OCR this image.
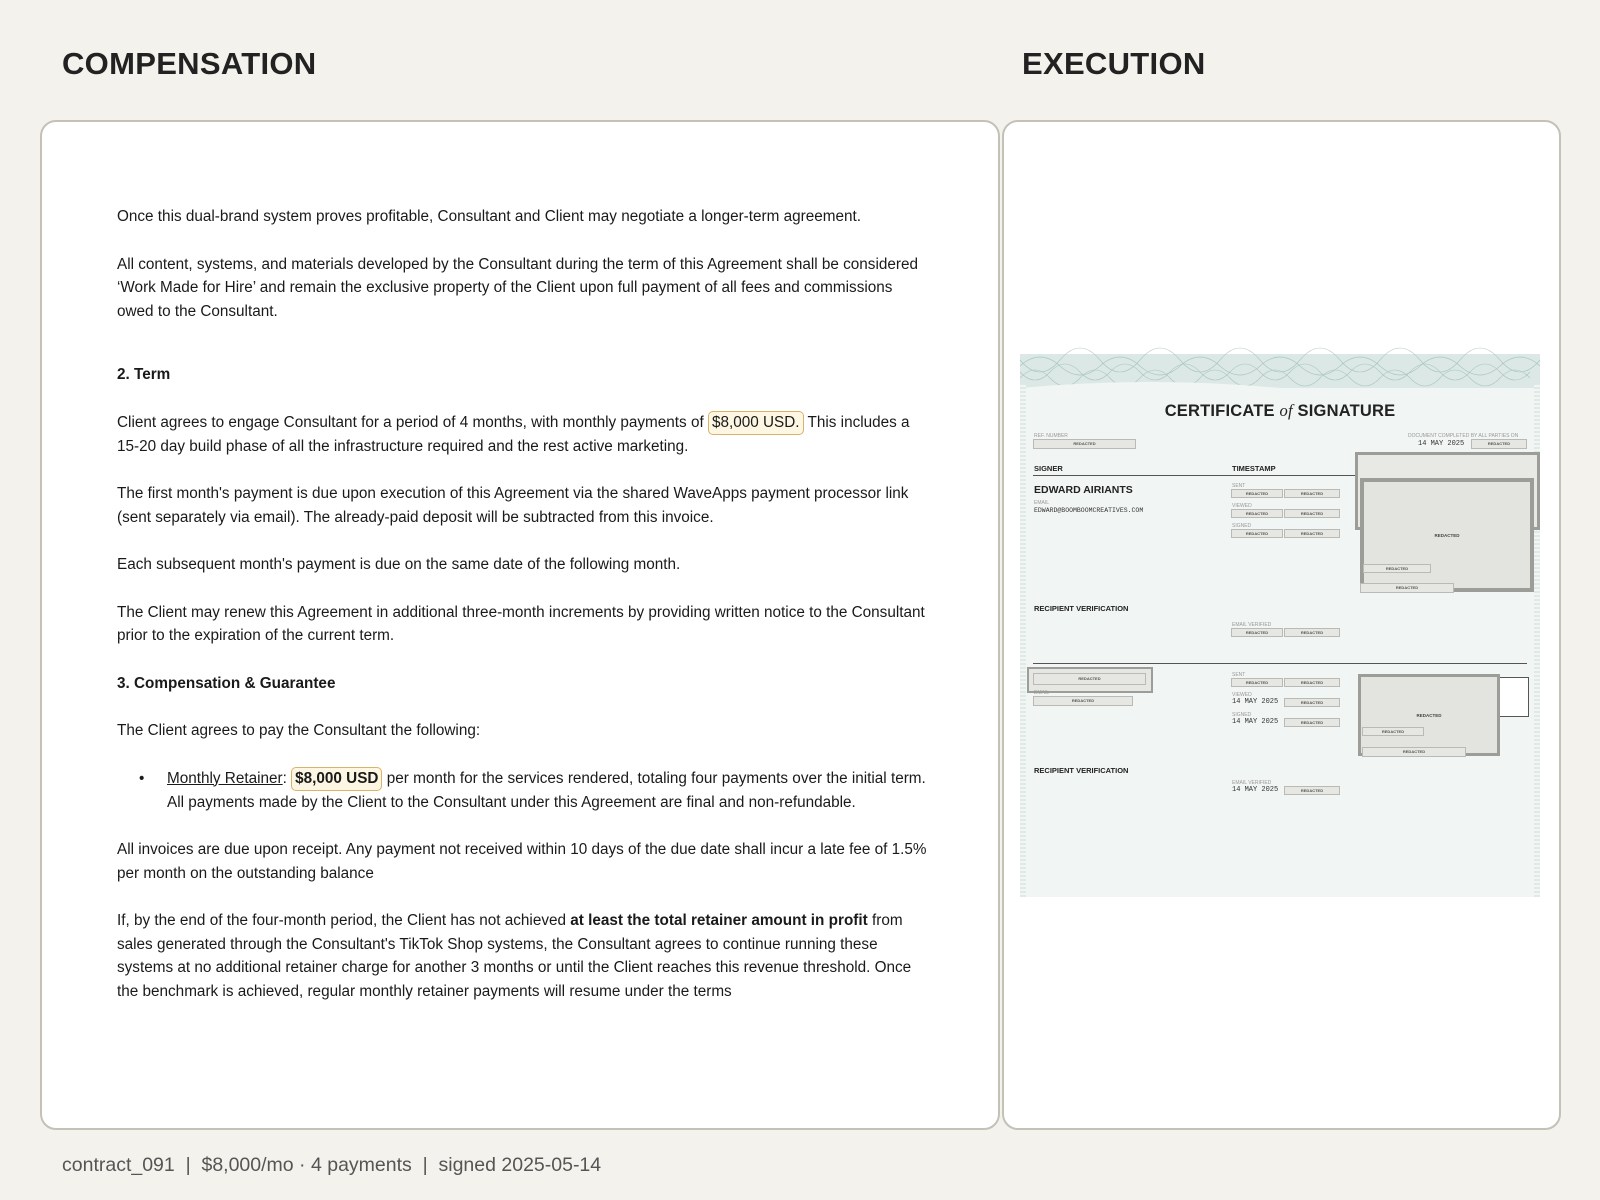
COMPENSATION	EXECUTION

Once this dual-brand system proves profitable, Consultant and Client may negotiate a longer-term agreement.

All content, systems, and materials developed by the Consultant during the term of this Agreement shall be considered ‘Work Made for Hire’ and remain the exclusive property of the Client upon full payment of all fees and commissions owed to the Consultant.

2. Term

Client agrees to engage Consultant for a period of 4 months, with monthly payments of $8,000 USD. This includes a 15-20 day build phase of all the infrastructure required and the rest active marketing.

The first month's payment is due upon execution of this Agreement via the shared WaveApps payment processor link (sent separately via email). The already-paid deposit will be subtracted from this invoice.

Each subsequent month's payment is due on the same date of the following month.

The Client may renew this Agreement in additional three-month increments by providing written notice to the Consultant prior to the expiration of the current term.

3. Compensation & Guarantee

The Client agrees to pay the Consultant the following:

•	Monthly Retainer: $8,000 USD per month for the services rendered, totaling four payments over the initial term. All payments made by the Client to the Consultant under this Agreement are final and non-refundable.

All invoices are due upon receipt. Any payment not received within 10 days of the due date shall incur a late fee of 1.5% per month on the outstanding balance

If, by the end of the four-month period, the Client has not achieved at least the total retainer amount in profit from sales generated through the Consultant's TikTok Shop systems, the Consultant agrees to continue running these systems at no additional retainer charge for another 3 months or until the Client reaches this revenue threshold. Once the benchmark is achieved, regular monthly retainer payments will resume under the terms

CERTIFICATE of SIGNATURE
REF. NUMBER
REDACTED
DOCUMENT COMPLETED BY ALL PARTIES ON
14 MAY 2025	REDACTED
SIGNER	TIMESTAMP
EDWARD AIRIANTS
EMAIL
EDWARD@BOOMBOOMCREATIVES.COM
SENT
REDACTED	REDACTED
VIEWED
REDACTED	REDACTED
SIGNED
REDACTED	REDACTED	REDACTED
REDACTED
REDACTED
RECIPIENT VERIFICATION
EMAIL VERIFIED
REDACTED	REDACTED
REDACTED
EMAIL
REDACTED
SENT
REDACTED	REDACTED
VIEWED
14 MAY 2025	REDACTED
SIGNED
14 MAY 2025	REDACTED
REDACTED
REDACTED
REDACTED
RECIPIENT VERIFICATION
EMAIL VERIFIED
14 MAY 2025	REDACTED
contract_091  |  $8,000/mo · 4 payments  |  signed 2025-05-14
